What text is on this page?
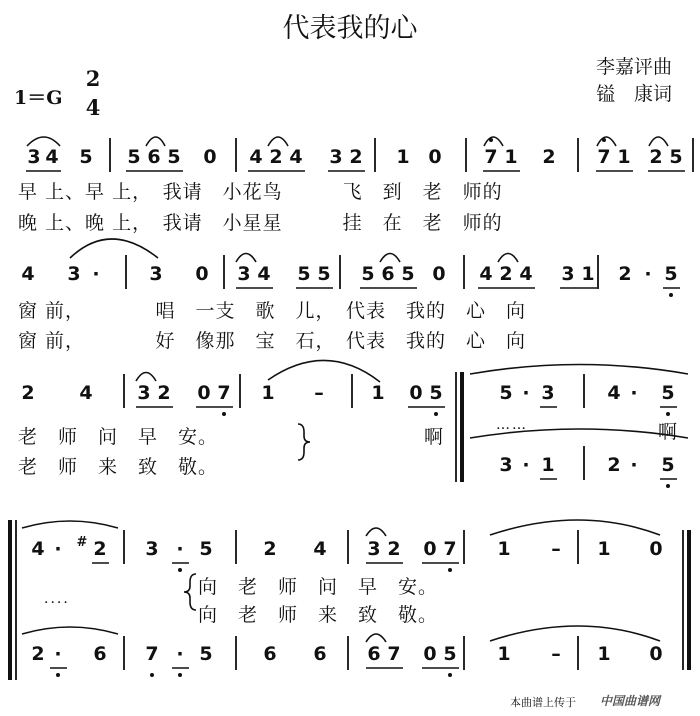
代表我的心
李嘉评曲
镒　康词
1＝G
2
4
3 4 5 5 6 5 0 4 2 4 3 2 1 0 7 1 2 7 1 2 5
早 上、早 上，　我请　小花鸟　　　飞　到　老　师的
晚 上、晚 上，　我请　小星星　　　挂　在　老　师的
4 3 ·	3 0 3 4 5 5 5 6 5 0 4 2 4 3 1 2 · 5
窗 前，　　　　唱　一支　歌　儿，　代表　我的　心　向
窗 前，　　　　好　像那　宝　石，　代表　我的　心　向
2 4 3 2 0 7 1 –	1 0 5	5 · 3	4 · 5
3 · 1	2 · 5
老　师　问　早　安。
老　师　来　致　敬。
啊	啊
……
4 ·	# 2 3 · 5	2 4 3 2 0 7 1 – 1 0
2 · 6 7 · 5	6 6 6 7 0 5 1 – 1 0
向　老　师　问　早　安。
向　老　师　来　致　敬。
····
本曲谱上传于 中国曲谱网
